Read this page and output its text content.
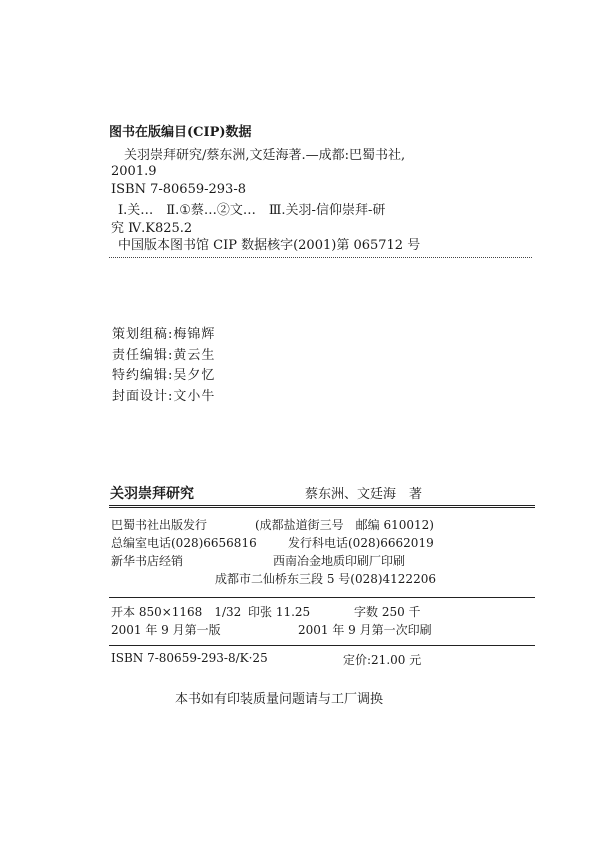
图书在版编目(CIP)数据
关羽崇拜研究/蔡东洲,文廷海著.—成都:巴蜀书社,
2001.9
ISBN 7-80659-293-8
Ⅰ.关…　Ⅱ.①蔡…②文…　Ⅲ.关羽-信仰崇拜-研
究 Ⅳ.K825.2
中国版本图书馆 CIP 数据核字(2001)第 065712 号
策划组稿:梅锦辉
责任编辑:黄云生
特约编辑:吴夕忆
封面设计:文小牛
关羽崇拜研究	蔡东洲、文廷海　著
巴蜀书社出版发行	(成都盐道街三号　邮编 610012)
总编室电话(028)6656816	发行科电话(028)6662019
新华书店经销	西南冶金地质印刷厂印刷
成都市二仙桥东三段 5 号(028)4122206
开本 850×1168　1/32 印张 11.25	字数 250 千
2001 年 9 月第一版	2001 年 9 月第一次印刷
ISBN 7-80659-293-8/K·25	定价:21.00 元
本书如有印装质量问题请与工厂调换
